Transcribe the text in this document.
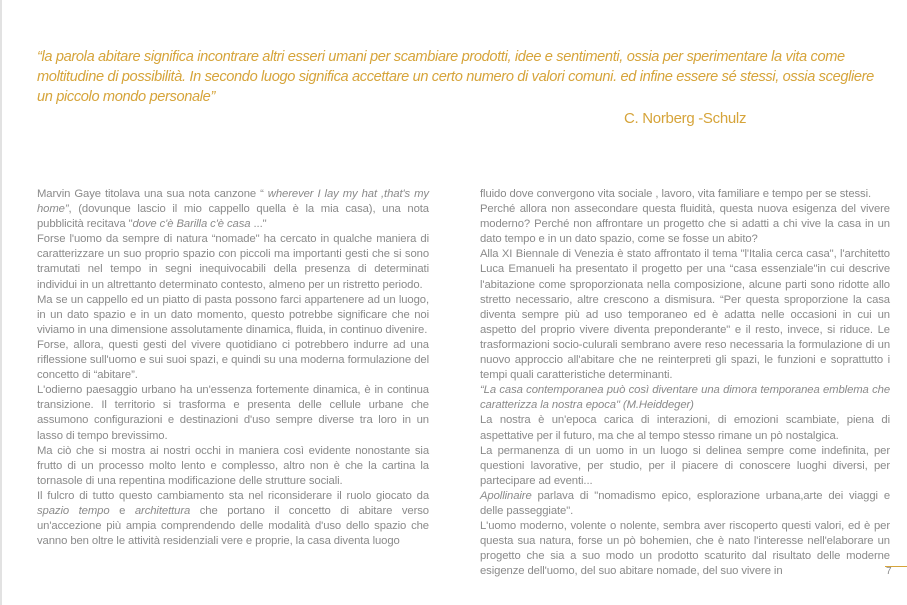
“la parola abitare significa incontrare altri esseri umani per scambiare prodotti, idee e sentimenti, ossia per sperimentare la vita come moltitudine di possibilità. In secondo luogo significa accettare un certo numero di valori comuni. ed infine essere sé stessi, ossia scegliere un piccolo mondo personale”
C. Norberg -Schulz

Marvin Gaye titolava una sua nota canzone “ wherever I lay my hat ,that's my home”, (dovunque lascio il mio cappello quella è la mia casa), una nota pubblicità recitava "dove c'è Barilla c'è casa ..."

Forse l'uomo da sempre di natura “nomade" ha cercato in qualche maniera di caratterizzare un suo proprio spazio con piccoli ma importanti gesti che si sono tramutati nel tempo in segni inequivocabili della presenza di determinati individui in un altrettanto determinato contesto, almeno per un ristretto periodo.

Ma se un cappello ed un piatto di pasta possono farci appartenere ad un luogo, in un dato spazio e in un dato momento, questo potrebbe significare che noi viviamo in una dimensione assolutamente dinamica, fluida, in continuo divenire.

Forse, allora, questi gesti del vivere quotidiano ci potrebbero indurre ad una riflessione sull'uomo e sui suoi spazi, e quindi su una moderna formulazione del concetto di “abitare”.

L'odierno paesaggio urbano ha un'essenza fortemente dinamica, è in continua transizione. Il territorio si trasforma e presenta delle cellule urbane che assumono configurazioni e destinazioni d'uso sempre diverse tra loro in un lasso di tempo brevissimo.

Ma ciò che si mostra ai nostri occhi in maniera così evidente nonostante sia frutto di un processo molto lento e complesso, altro non è che la cartina la tornasole di una repentina modificazione delle strutture sociali.

Il fulcro di tutto questo cambiamento sta nel riconsiderare il ruolo giocato da spazio tempo e architettura che portano il concetto di abitare verso un'accezione più ampia comprendendo delle modalità d'uso dello spazio che vanno ben oltre le attività residenziali vere e proprie, la casa diventa luogo

fluido dove convergono vita sociale , lavoro, vita familiare e tempo per se stessi.

Perché allora non assecondare questa fluidità, questa nuova esigenza del vivere moderno? Perché non affrontare un progetto che si adatti a chi vive la casa in un dato tempo e in un dato spazio, come se fosse un abito?

Alla XI Biennale di Venezia è stato affrontato il tema "l'Italia cerca casa", l'architetto Luca Emanueli ha presentato il progetto per una “casa essenziale"in cui descrive l'abitazione come sproporzionata nella composizione, alcune parti sono ridotte allo stretto necessario, altre crescono a dismisura. “Per questa sproporzione la casa diventa sempre più ad uso temporaneo ed è adatta nelle occasioni in cui un aspetto del proprio vivere diventa preponderante" e il resto, invece, si riduce. Le trasformazioni socio-culurali sembrano avere reso necessaria la formulazione di un nuovo approccio all'abitare che ne reinterpreti gli spazi, le funzioni e soprattutto i tempi quali caratteristiche determinanti.

“La casa contemporanea può così diventare una dimora temporanea emblema che caratterizza la nostra epoca" (M.Heiddeger)

La nostra è un'epoca carica di interazioni, di emozioni scambiate, piena di aspettative per il futuro, ma che al tempo stesso rimane un pò nostalgica.

La permanenza di un uomo in un luogo si delinea sempre come indefinita, per questioni lavorative, per studio, per il piacere di conoscere luoghi diversi, per partecipare ad eventi...

Apollinaire parlava di "nomadismo epico, esplorazione urbana,arte dei viaggi e delle passeggiate".

L'uomo moderno, volente o nolente, sembra aver riscoperto questi valori, ed è per questa sua natura, forse un pò bohemien, che è nato l'interesse nell'elaborare un progetto che sia a suo modo un prodotto scaturito dal risultato delle moderne esigenze dell'uomo, del suo abitare nomade, del suo vivere in	7
